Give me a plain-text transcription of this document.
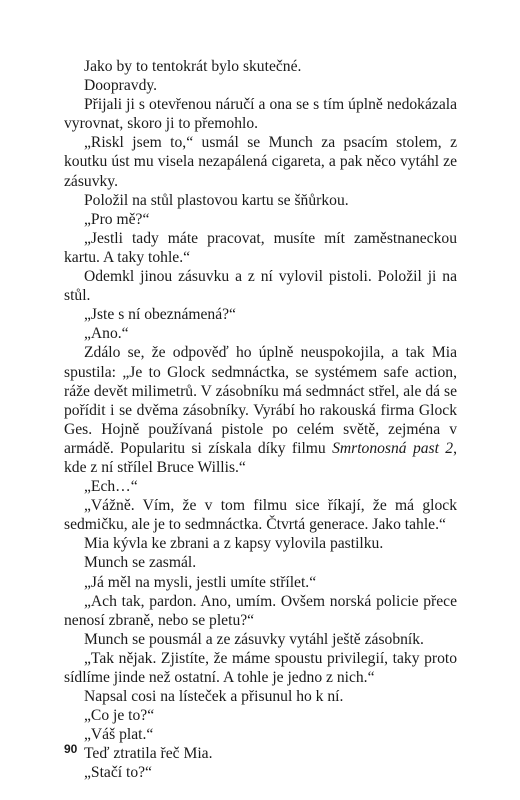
Jako by to tentokrát bylo skutečné.

Doopravdy.

Přijali ji s otevřenou náručí a ona se s tím úplně nedokázala vyrovnat, skoro ji to přemohlo.

„Riskl jsem to,“ usmál se Munch za psacím stolem, z koutku úst mu visela nezapálená cigareta, a pak něco vytáhl ze zásuvky.

Položil na stůl plastovou kartu se šňůrkou.

„Pro mě?“

„Jestli tady máte pracovat, musíte mít zaměstnaneckou kartu. A taky tohle.“

Odemkl jinou zásuvku a z ní vylovil pistoli. Položil ji na stůl.

„Jste s ní obeznámená?“

„Ano.“

Zdálo se, že odpověď ho úplně neuspokojila, a tak Mia spustila: „Je to Glock sedmnáctka, se systémem safe action, ráže devět milimetrů. V zásobníku má sedmnáct střel, ale dá se pořídit i se dvěma zásobníky. Vyrábí ho rakouská firma Glock Ges. Hojně používaná pistole po celém světě, zejména v armádě. Popularitu si získala díky filmu Smrtonosná past 2, kde z ní střílel Bruce Willis.“

„Ech…“

„Vážně. Vím, že v tom filmu sice říkají, že má glock sedmičku, ale je to sedmnáctka. Čtvrtá generace. Jako tahle.“

Mia kývla ke zbrani a z kapsy vylovila pastilku.

Munch se zasmál.

„Já měl na mysli, jestli umíte střílet.“

„Ach tak, pardon. Ano, umím. Ovšem norská policie přece nenosí zbraně, nebo se pletu?“

Munch se pousmál a ze zásuvky vytáhl ještě zásobník.

„Tak nějak. Zjistíte, že máme spoustu privilegií, taky proto sídlíme jinde než ostatní. A tohle je jedno z nich.“

Napsal cosi na lísteček a přisunul ho k ní.

„Co je to?“

„Váš plat.“

Teď ztratila řeč Mia.

„Stačí to?“

90
